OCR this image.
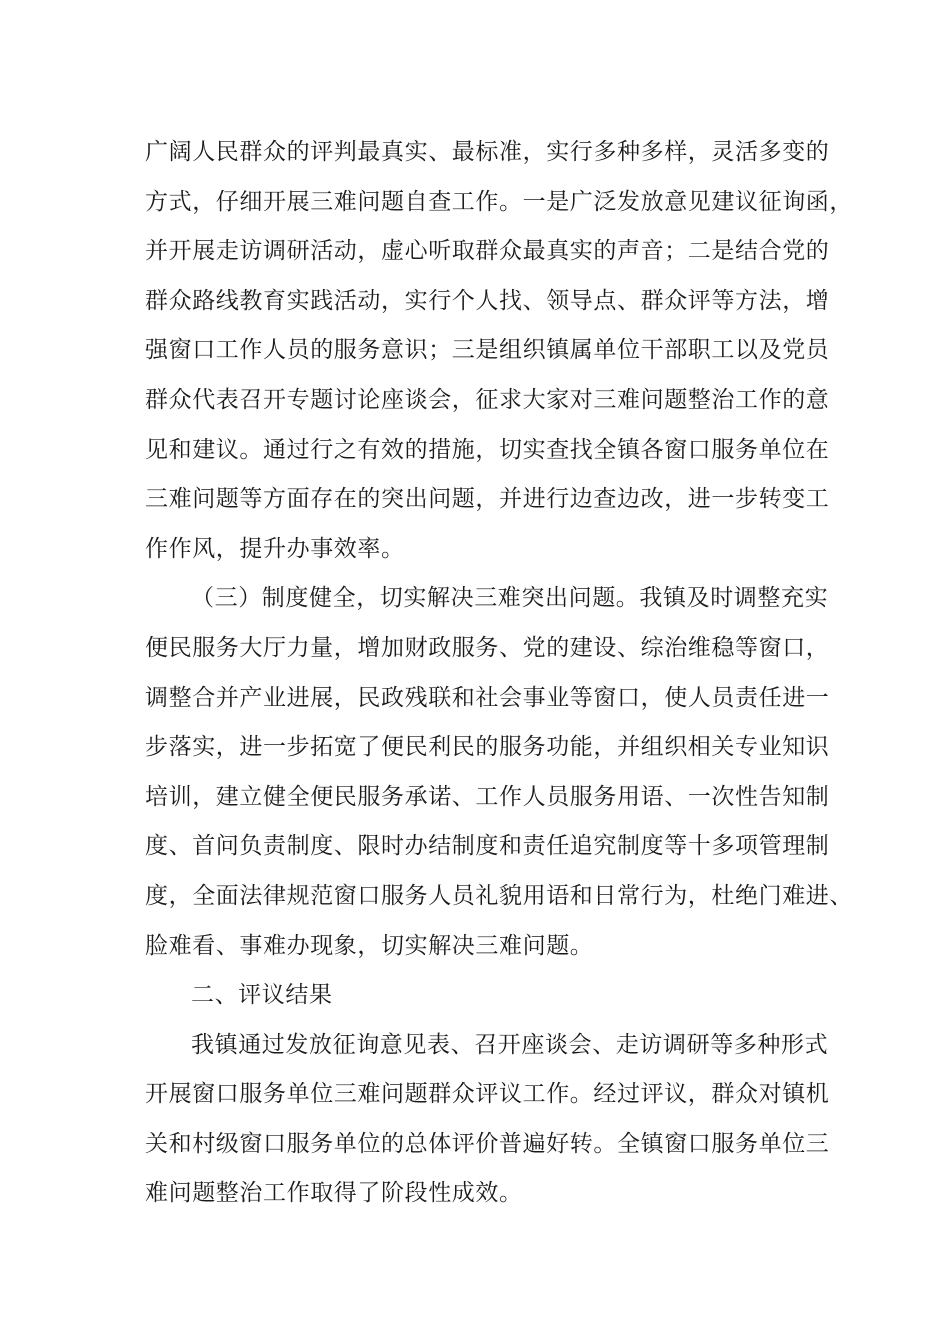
广阔人民群众的评判最真实、最标准，实行多种多样，灵活多变的
方式，仔细开展三难问题自查工作。一是广泛发放意见建议征询函，
并开展走访调研活动，虚心听取群众最真实的声音；二是结合党的
群众路线教育实践活动，实行个人找、领导点、群众评等方法，增
强窗口工作人员的服务意识；三是组织镇属单位干部职工以及党员
群众代表召开专题讨论座谈会，征求大家对三难问题整治工作的意
见和建议。通过行之有效的措施，切实查找全镇各窗口服务单位在
三难问题等方面存在的突出问题，并进行边查边改，进一步转变工
作作风，提升办事效率。
（三）制度健全，切实解决三难突出问题。我镇及时调整充实
便民服务大厅力量，增加财政服务、党的建设、综治维稳等窗口，
调整合并产业进展，民政残联和社会事业等窗口，使人员责任进一
步落实，进一步拓宽了便民利民的服务功能，并组织相关专业知识
培训，建立健全便民服务承诺、工作人员服务用语、一次性告知制
度、首问负责制度、限时办结制度和责任追究制度等十多项管理制
度，全面法律规范窗口服务人员礼貌用语和日常行为，杜绝门难进、
脸难看、事难办现象，切实解决三难问题。
二、评议结果
我镇通过发放征询意见表、召开座谈会、走访调研等多种形式
开展窗口服务单位三难问题群众评议工作。经过评议，群众对镇机
关和村级窗口服务单位的总体评价普遍好转。全镇窗口服务单位三
难问题整治工作取得了阶段性成效。
